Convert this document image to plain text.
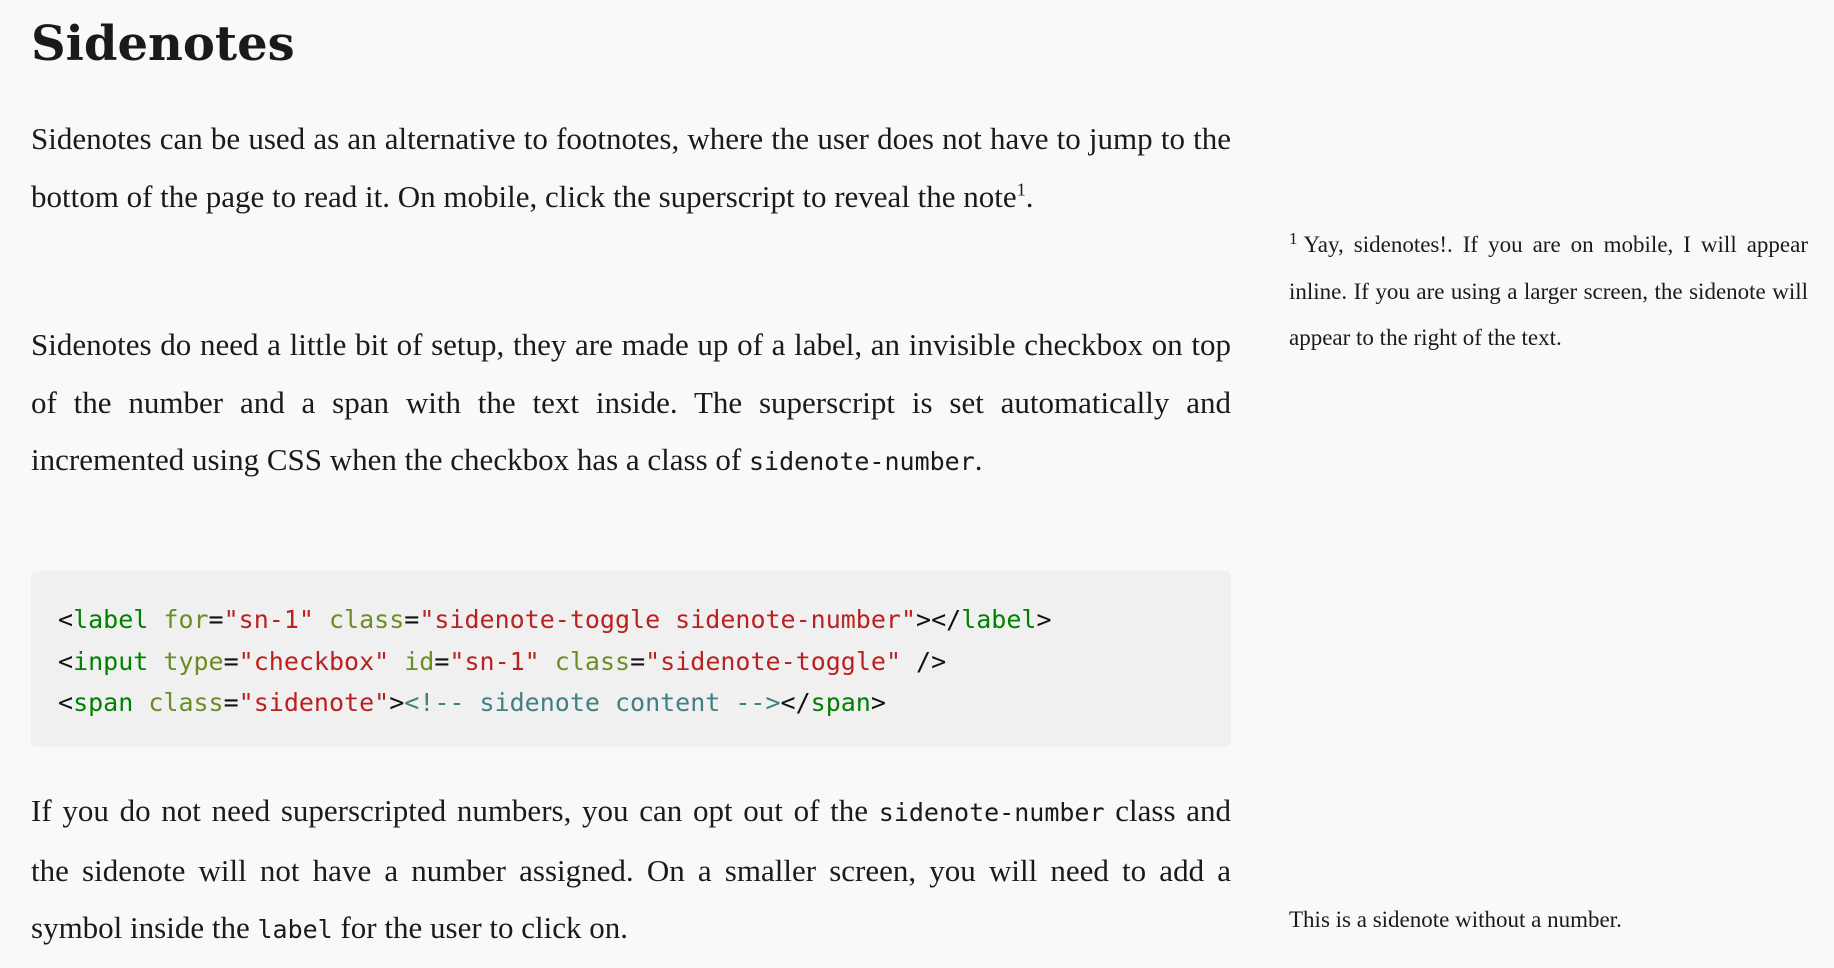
Sidenotes

Sidenotes can be used as an alternative to footnotes, where the user does not have to jump to the bottom of the page to read it. On mobile, click the superscript to reveal the note$^1$.

Sidenotes do need a little bit of setup, they are made up of a label, an invisible checkbox on top of the number and a span with the text inside. The superscript is set automatically and incremented using CSS when the checkbox has a class of sidenote-number.

<label for="sn-1" class="sidenote-toggle sidenote-number"></label>
<input type="checkbox" id="sn-1" class="sidenote-toggle" />
<span class="sidenote"><!-- sidenote content --></span>

If you do not need superscripted numbers, you can opt out of the sidenote-number class and the sidenote will not have a number assigned. On a smaller screen, you will need to add a symbol inside the label for the user to click on.

$^1$ Yay, sidenotes!. If you are on mobile, I will appear inline. If you are using a larger screen, the sidenote will appear to the right of the text.
This is a sidenote without a number.
